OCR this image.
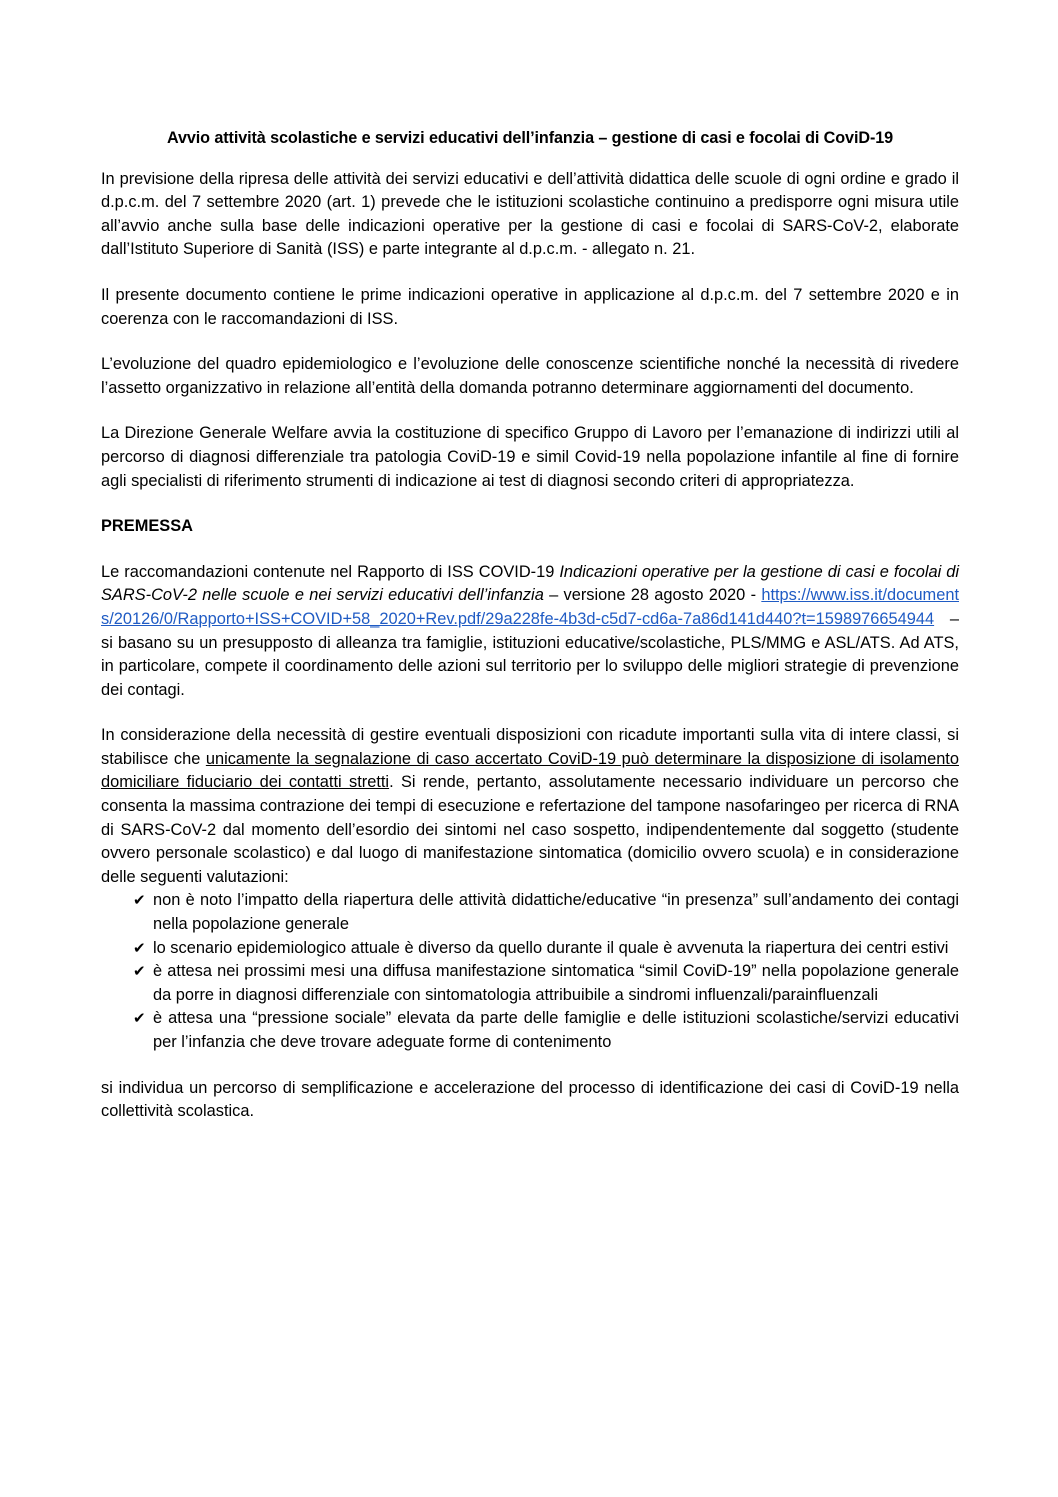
Avvio attività scolastiche e servizi educativi dell’infanzia – gestione di casi e focolai di CoviD-19

In previsione della ripresa delle attività dei servizi educativi e dell’attività didattica delle scuole di ogni ordine e grado il d.p.c.m. del 7 settembre 2020 (art. 1) prevede che le istituzioni scolastiche continuino a predisporre ogni misura utile all’avvio anche sulla base delle indicazioni operative per la gestione di casi e focolai di SARS-CoV-2, elaborate dall’Istituto Superiore di Sanità (ISS) e parte integrante al d.p.c.m. - allegato n. 21.

Il presente documento contiene le prime indicazioni operative in applicazione al d.p.c.m. del 7 settembre 2020 e in coerenza con le raccomandazioni di ISS.

L’evoluzione del quadro epidemiologico e l’evoluzione delle conoscenze scientifiche nonché la necessità di rivedere l’assetto organizzativo in relazione all’entità della domanda potranno determinare aggiornamenti del documento.

La Direzione Generale Welfare avvia la costituzione di specifico Gruppo di Lavoro per l’emanazione di indirizzi utili al percorso di diagnosi differenziale tra patologia CoviD-19 e simil Covid-19 nella popolazione infantile al fine di fornire agli specialisti di riferimento strumenti di indicazione ai test di diagnosi secondo criteri di appropriatezza.

PREMESSA

Le raccomandazioni contenute nel Rapporto di ISS COVID-19 Indicazioni operative per la gestione di casi e focolai di SARS-CoV-2 nelle scuole e nei servizi educativi dell’infanzia – versione 28 agosto 2020 - https://www.iss.it/documents/20126/0/Rapporto+ISS+COVID+58_2020+Rev.pdf/29a228fe-4b3d-c5d7-cd6a-7a86d141d440?t=1598976654944 – si basano su un presupposto di alleanza tra famiglie, istituzioni educative/scolastiche, PLS/MMG e ASL/ATS. Ad ATS, in particolare, compete il coordinamento delle azioni sul territorio per lo sviluppo delle migliori strategie di prevenzione dei contagi.

In considerazione della necessità di gestire eventuali disposizioni con ricadute importanti sulla vita di intere classi, si stabilisce che unicamente la segnalazione di caso accertato CoviD-19 può determinare la disposizione di isolamento domiciliare fiduciario dei contatti stretti. Si rende, pertanto, assolutamente necessario individuare un percorso che consenta la massima contrazione dei tempi di esecuzione e refertazione del tampone nasofaringeo per ricerca di RNA di SARS-CoV-2 dal momento dell’esordio dei sintomi nel caso sospetto, indipendentemente dal soggetto (studente ovvero personale scolastico) e dal luogo di manifestazione sintomatica (domicilio ovvero scuola) e in considerazione delle seguenti valutazioni:

✔ non è noto l’impatto della riapertura delle attività didattiche/educative “in presenza” sull’andamento dei contagi nella popolazione generale
✔ lo scenario epidemiologico attuale è diverso da quello durante il quale è avvenuta la riapertura dei centri estivi
✔ è attesa nei prossimi mesi una diffusa manifestazione sintomatica “simil CoviD-19” nella popolazione generale da porre in diagnosi differenziale con sintomatologia attribuibile a sindromi influenzali/parainfluenzali
✔ è attesa una “pressione sociale” elevata da parte delle famiglie e delle istituzioni scolastiche/servizi educativi per l’infanzia che deve trovare adeguate forme di contenimento

si individua un percorso di semplificazione e accelerazione del processo di identificazione dei casi di CoviD-19 nella collettività scolastica.
